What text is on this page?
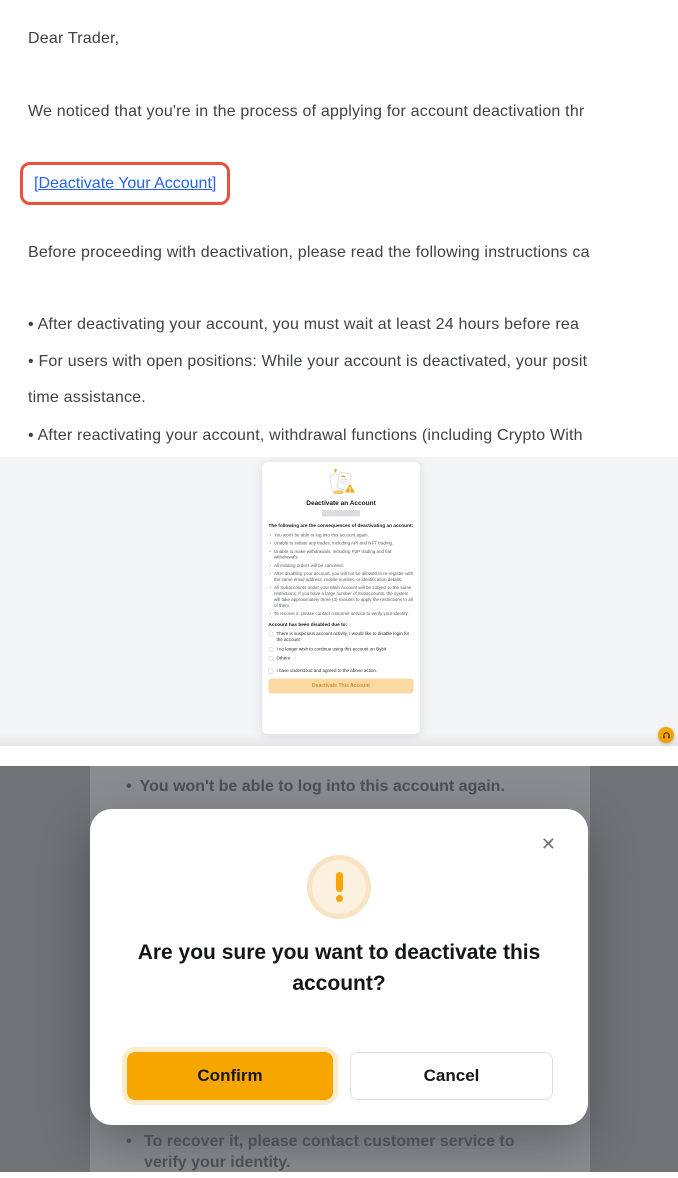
Dear Trader,
We noticed that you're in the process of applying for account deactivation thr
[Deactivate Your Account]
Before proceeding with deactivation, please read the following instructions ca
• After deactivating your account, you must wait at least 24 hours before rea
• For users with open positions: While your account is deactivated, your posit
time assistance.
• After reactivating your account, withdrawal functions (including Crypto With
Deactivate an Account
The following are the consequences of deactivating an account:
• You won't be able to log into this account again.
• Unable to initiate any trades, including API and NFT trading.
• Unable to make withdrawals, including P2P trading and fiat withdrawals.
• All existing orders will be canceled.
• After disabling your account, you will not be allowed to re-register with the same email address, mobile number, or identification details.
• All Subaccounts under your Main Account will be subject to the same restrictions. If you have a large number of Subaccounts, the system will take approximately three (3) minutes to apply the restrictions to all of them.
• To recover it, please contact customer service to verify your identity.
Account has been disabled due to:
There is suspicious account activity, I would like to disable login for the account
I no longer wish to continue using this account on Bybit
Others
I have understood and agreed to the above action.
Deactivate This Account
• You won't be able to log into this account again.
✕
Are you sure you want to deactivate this account?
Confirm	Cancel
• To recover it, please contact customer service to verify your identity.
